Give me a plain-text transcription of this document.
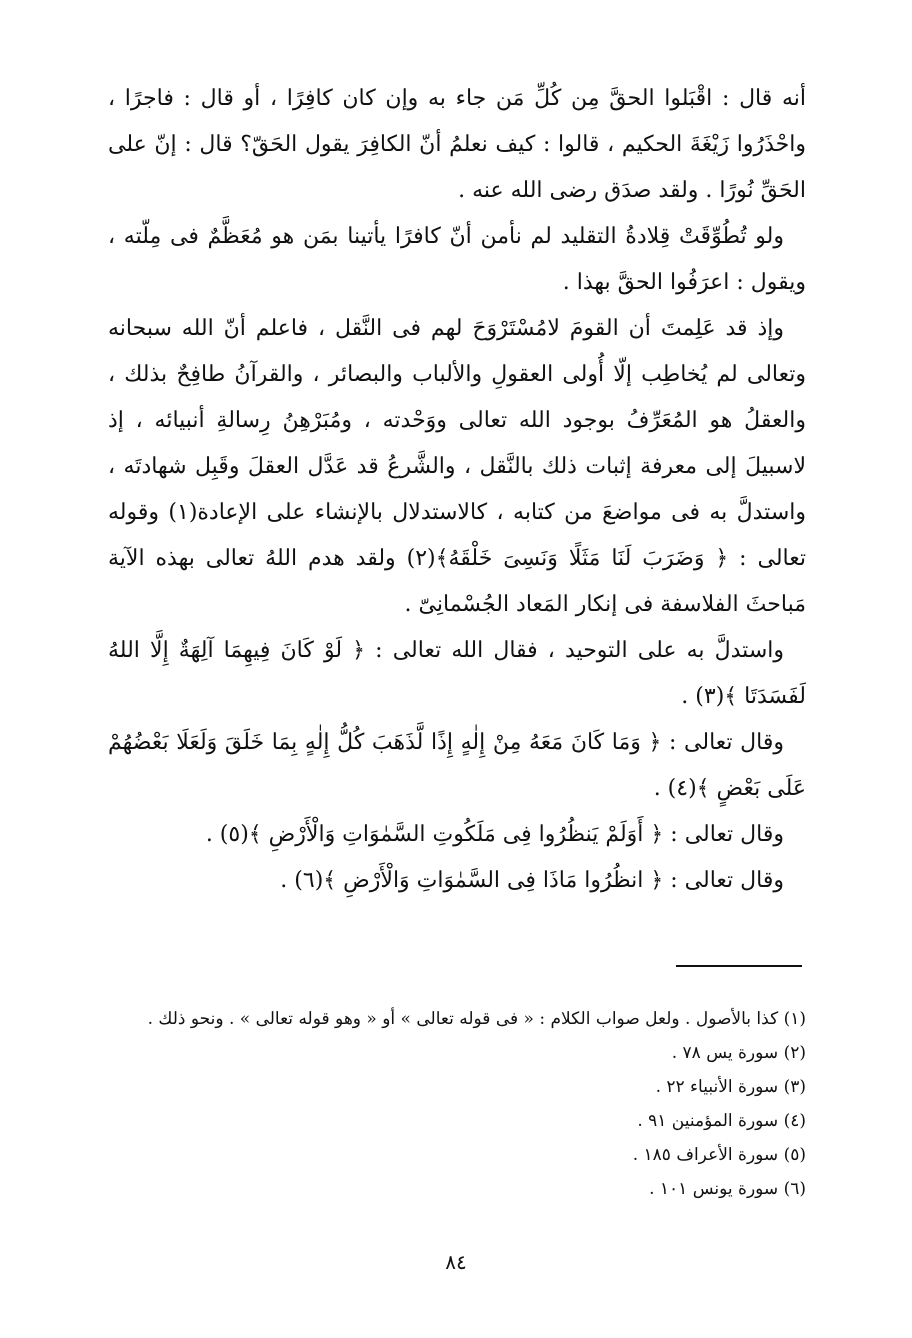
أنه قال : اقْبَلوا الحقَّ مِن كُلِّ مَن جاء به وإن كان كافِرًا ، أو قال : فاجرًا ، واحْذَرُوا زَيْغَةَ الحكيم ، قالوا : كيف نعلمُ أنّ الكافِرَ يقول الحَقّ؟ قال : إنّ على الحَقِّ نُورًا . ولقد صدَق رضى الله عنه .

ولو تُطُوِّقَتْ قِلادةُ التقليد لم نأمن أنّ كافرًا يأتينا بمَن هو مُعَظَّمٌ فى مِلّته ، ويقول : اعرَفُوا الحقَّ بهذا .

وإذ قد عَلِمتَ أن القومَ لامُسْتَرْوَحَ لهم فى النَّقل ، فاعلم أنّ الله سبحانه وتعالى لم يُخاطِب إلّا أُولى العقولِ والألباب والبصائر ، والقرآنُ طافِحٌ بذلك ، والعقلُ هو المُعَرِّفُ بوجود الله تعالى ووَحْدته ، ومُبَرْهِنُ رِسالةِ أنبيائه ، إذ لاسبيلَ إلى معرفة إثبات ذلك بالنَّقل ، والشَّرعُ قد عَدَّل العقلَ وقَبِل شهادتَه ، واستدلَّ به فى مواضعَ من كتابه ، كالاستدلال بالإنشاء على الإعادة(١) وقوله تعالى : ﴿ وَضَرَبَ لَنَا مَثَلًا وَنَسِىَ خَلْقَهُ﴾(٢) ولقد هدم اللهُ تعالى بهذه الآية مَباحثَ الفلاسفة فى إنكار المَعاد الجُسْمانِىّ .

واستدلَّ به على التوحيد ، فقال الله تعالى : ﴿ لَوْ كَانَ فِيهِمَا آلِهَةٌ إِلَّا اللهُ لَفَسَدَتَا ﴾(٣) .

وقال تعالى : ﴿ وَمَا كَانَ مَعَهُ مِنْ إِلٰهٍ إِذًا لَّذَهَبَ كُلُّ إِلٰهٍ بِمَا خَلَقَ وَلَعَلَا بَعْضُهُمْ عَلَى بَعْضٍ ﴾(٤) .

وقال تعالى : ﴿ أَوَلَمْ يَنظُرُوا فِى مَلَكُوتِ السَّمٰوَاتِ وَالْأَرْضِ ﴾(٥) .

وقال تعالى : ﴿ انظُرُوا مَاذَا فِى السَّمٰوَاتِ وَالْأَرْضِ ﴾(٦) .

(١) كذا بالأصول . ولعل صواب الكلام : « فى قوله تعالى » أو « وهو قوله تعالى » . ونحو ذلك .

(٢) سورة يس ٧٨ .

(٣) سورة الأنبياء ٢٢ .

(٤) سورة المؤمنين ٩١ .

(٥) سورة الأعراف ١٨٥ .

(٦) سورة يونس ١٠١ .

٨٤
